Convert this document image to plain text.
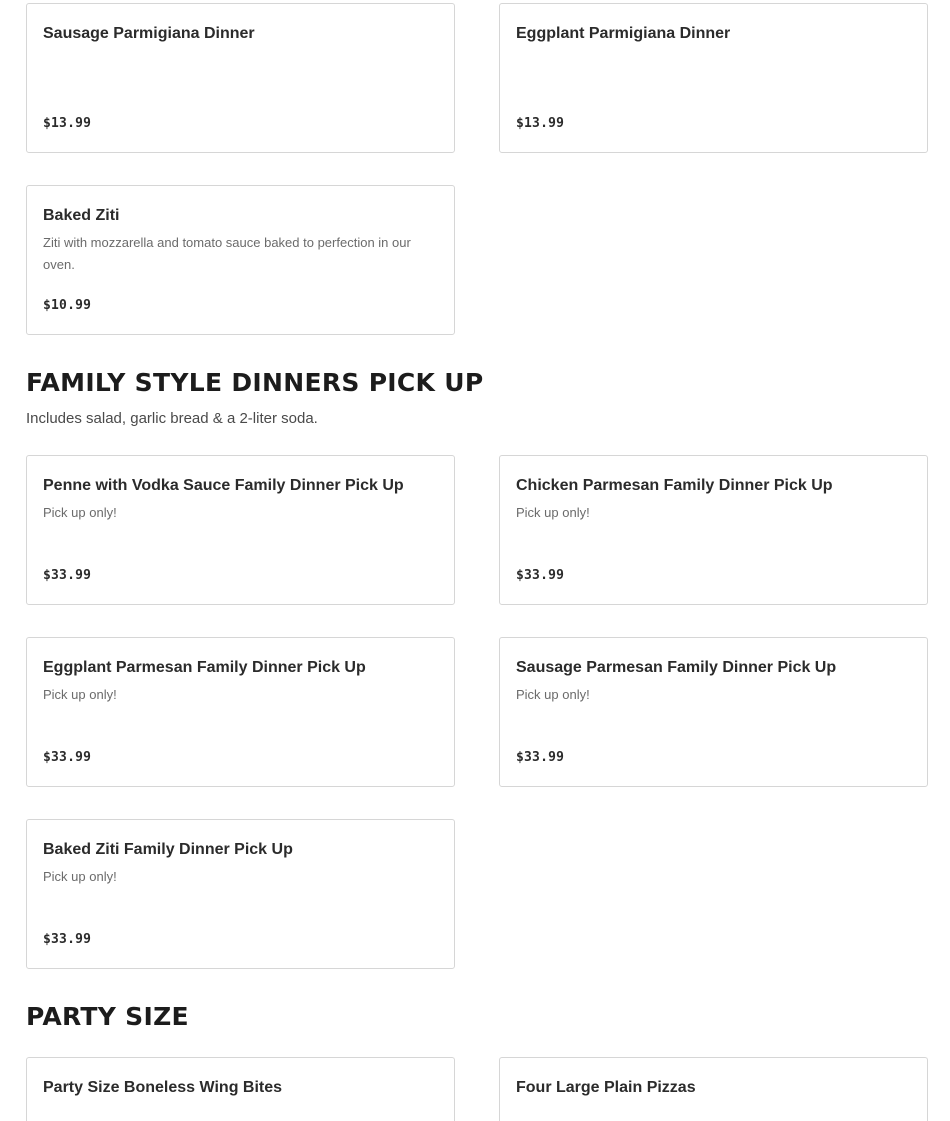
Sausage Parmigiana Dinner
$13.99
Eggplant Parmigiana Dinner
$13.99
Baked Ziti
Ziti with mozzarella and tomato sauce baked to perfection in our oven.
$10.99
FAMILY STYLE DINNERS PICK UP
Includes salad, garlic bread & a 2-liter soda.
Penne with Vodka Sauce Family Dinner Pick Up
Pick up only!
$33.99
Chicken Parmesan Family Dinner Pick Up
Pick up only!
$33.99
Eggplant Parmesan Family Dinner Pick Up
Pick up only!
$33.99
Sausage Parmesan Family Dinner Pick Up
Pick up only!
$33.99
Baked Ziti Family Dinner Pick Up
Pick up only!
$33.99
PARTY SIZE
Party Size Boneless Wing Bites	Four Large Plain Pizzas
